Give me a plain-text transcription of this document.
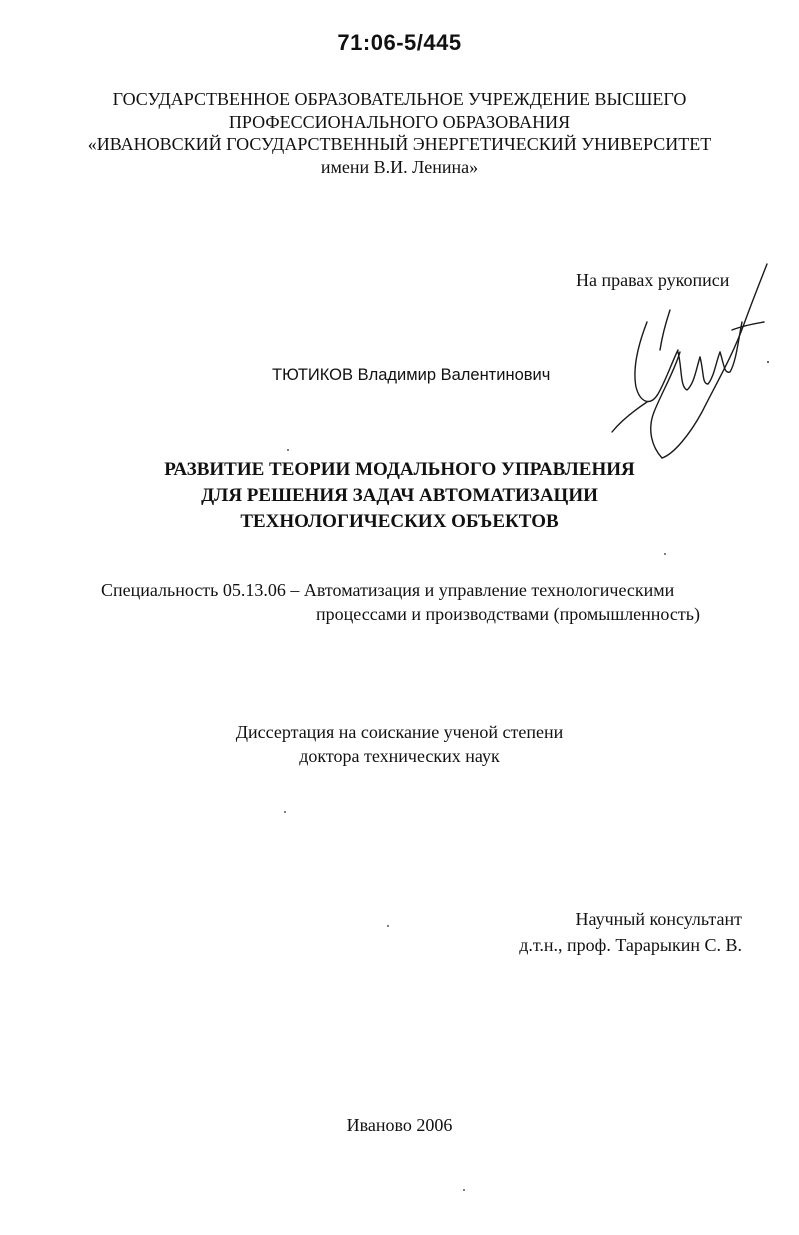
71:06-5/445
ГОСУДАРСТВЕННОЕ ОБРАЗОВАТЕЛЬНОЕ УЧРЕЖДЕНИЕ ВЫСШЕГО
ПРОФЕССИОНАЛЬНОГО ОБРАЗОВАНИЯ
«ИВАНОВСКИЙ ГОСУДАРСТВЕННЫЙ ЭНЕРГЕТИЧЕСКИЙ УНИВЕРСИТЕТ
имени В.И. Ленина»
На правах рукописи
ТЮТИКОВ Владимир Валентинович
РАЗВИТИЕ ТЕОРИИ МОДАЛЬНОГО УПРАВЛЕНИЯ
ДЛЯ РЕШЕНИЯ ЗАДАЧ АВТОМАТИЗАЦИИ
ТЕХНОЛОГИЧЕСКИХ ОБЪЕКТОВ
Специальность 05.13.06 – Автоматизация и управление технологическими
процессами и производствами (промышленность)
Диссертация на соискание ученой степени
доктора технических наук
Научный консультант
д.т.н., проф. Тарарыкин С. В.
Иваново 2006
